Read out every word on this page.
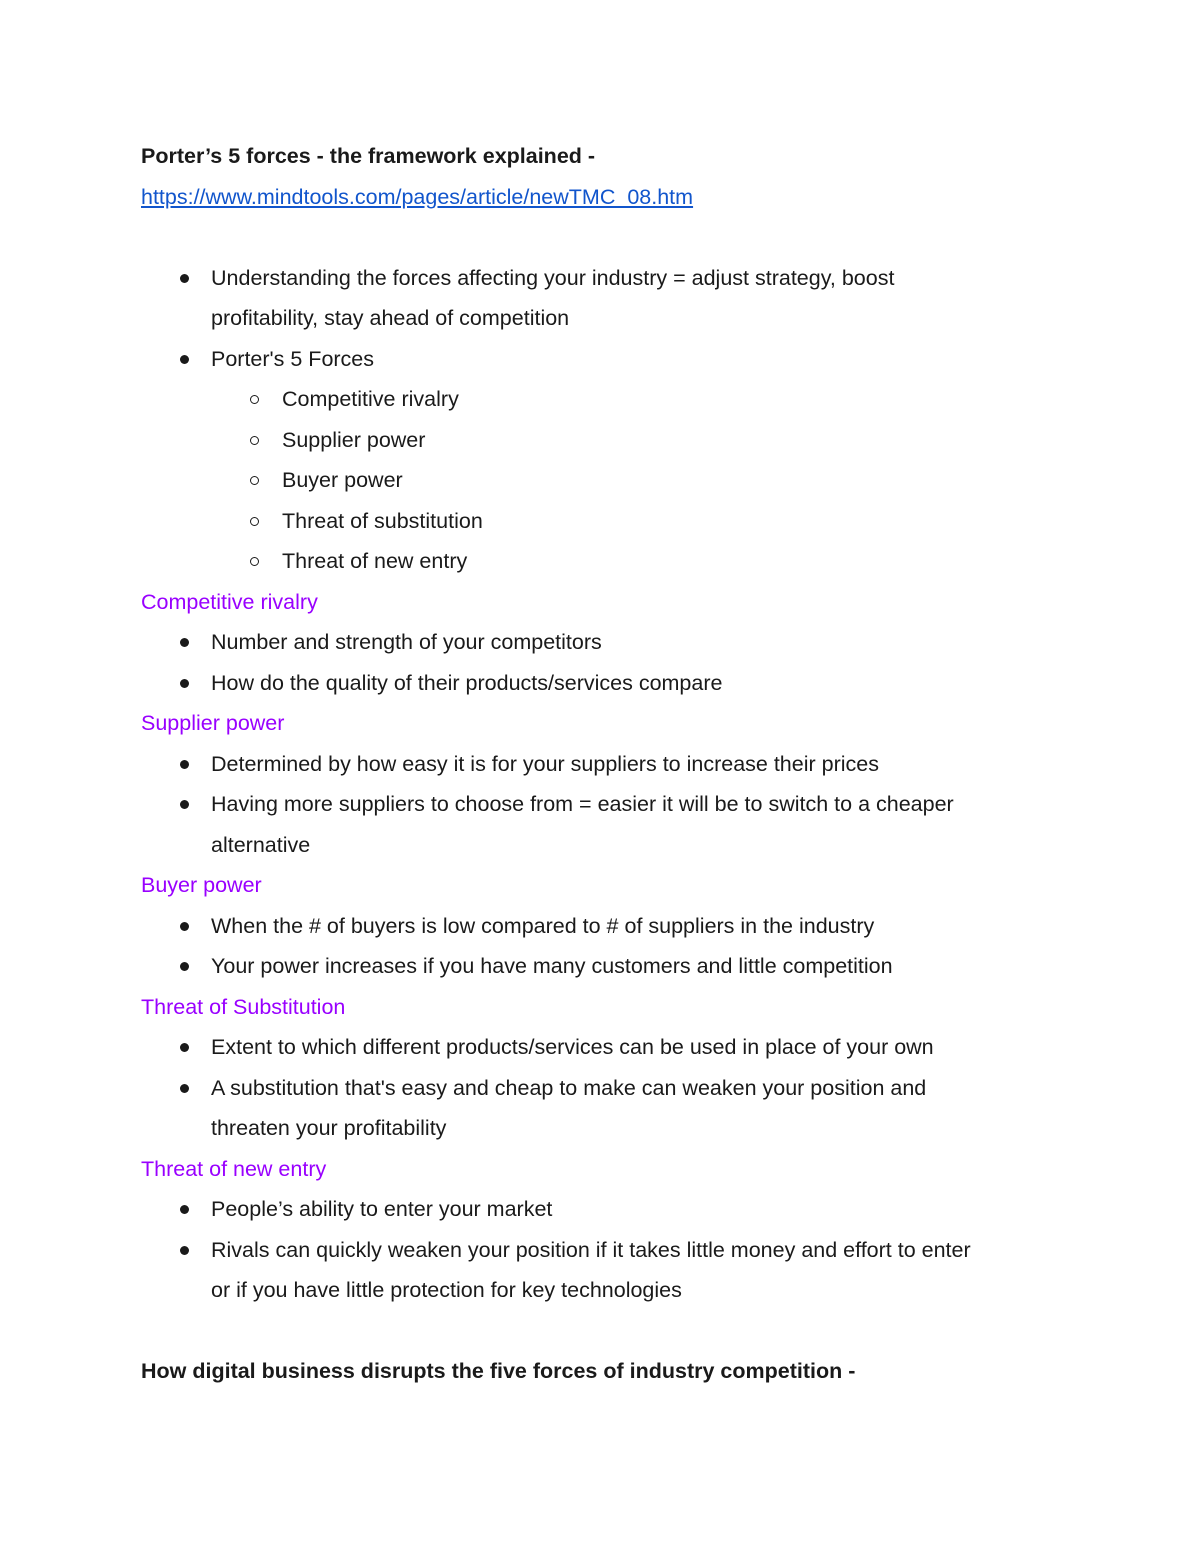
Porter’s 5 forces - the framework explained -
https://www.mindtools.com/pages/article/newTMC_08.htm
Understanding the forces affecting your industry = adjust strategy, boost
profitability, stay ahead of competition
Porter's 5 Forces
Competitive rivalry
Supplier power
Buyer power
Threat of substitution
Threat of new entry
Competitive rivalry
Number and strength of your competitors
How do the quality of their products/services compare
Supplier power
Determined by how easy it is for your suppliers to increase their prices
Having more suppliers to choose from = easier it will be to switch to a cheaper
alternative
Buyer power
When the # of buyers is low compared to # of suppliers in the industry
Your power increases if you have many customers and little competition
Threat of Substitution
Extent to which different products/services can be used in place of your own
A substitution that's easy and cheap to make can weaken your position and
threaten your profitability
Threat of new entry
People’s ability to enter your market
Rivals can quickly weaken your position if it takes little money and effort to enter
or if you have little protection for key technologies
How digital business disrupts the five forces of industry competition -
